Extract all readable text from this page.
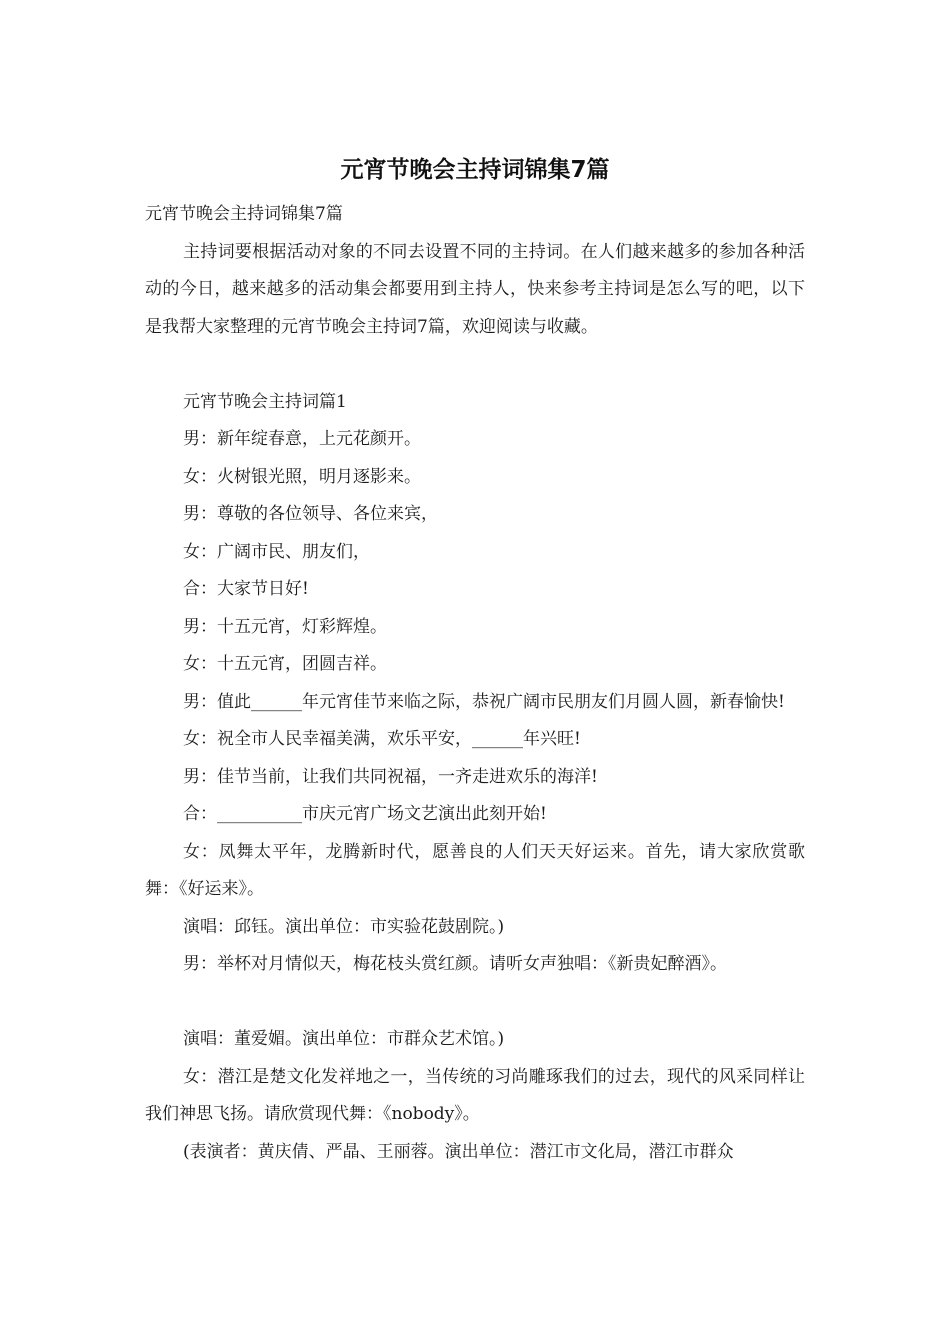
元宵节晚会主持词锦集7篇

元宵节晚会主持词锦集7篇

主持词要根据活动对象的不同去设置不同的主持词。在人们越来越多的参加各种活动的今日，越来越多的活动集会都要用到主持人，快来参考主持词是怎么写的吧，以下是我帮大家整理的元宵节晚会主持词7篇，欢迎阅读与收藏。

元宵节晚会主持词篇1

男：新年绽春意，上元花颜开。

女：火树银光照，明月逐影来。

男：尊敬的各位领导、各位来宾，

女：广阔市民、朋友们，

合：大家节日好!

男：十五元宵，灯彩辉煌。

女：十五元宵，团圆吉祥。

男：值此______年元宵佳节来临之际，恭祝广阔市民朋友们月圆人圆，新春愉快!

女：祝全市人民幸福美满，欢乐平安，______年兴旺!

男：佳节当前，让我们共同祝福，一齐走进欢乐的海洋!

合：__________市庆元宵广场文艺演出此刻开始!

女：凤舞太平年，龙腾新时代，愿善良的人们天天好运来。首先，请大家欣赏歌舞：《好运来》。

演唱：邱钰。演出单位：市实验花鼓剧院。)

男：举杯对月情似天，梅花枝头赏红颜。请听女声独唱：《新贵妃醉酒》。

演唱：董爱媚。演出单位：市群众艺术馆。)

女：潜江是楚文化发祥地之一，当传统的习尚雕琢我们的过去，现代的风采同样让我们神思飞扬。请欣赏现代舞：《nobody》。

(表演者：黄庆倩、严晶、王丽蓉。演出单位：潜江市文化局，潜江市群众
